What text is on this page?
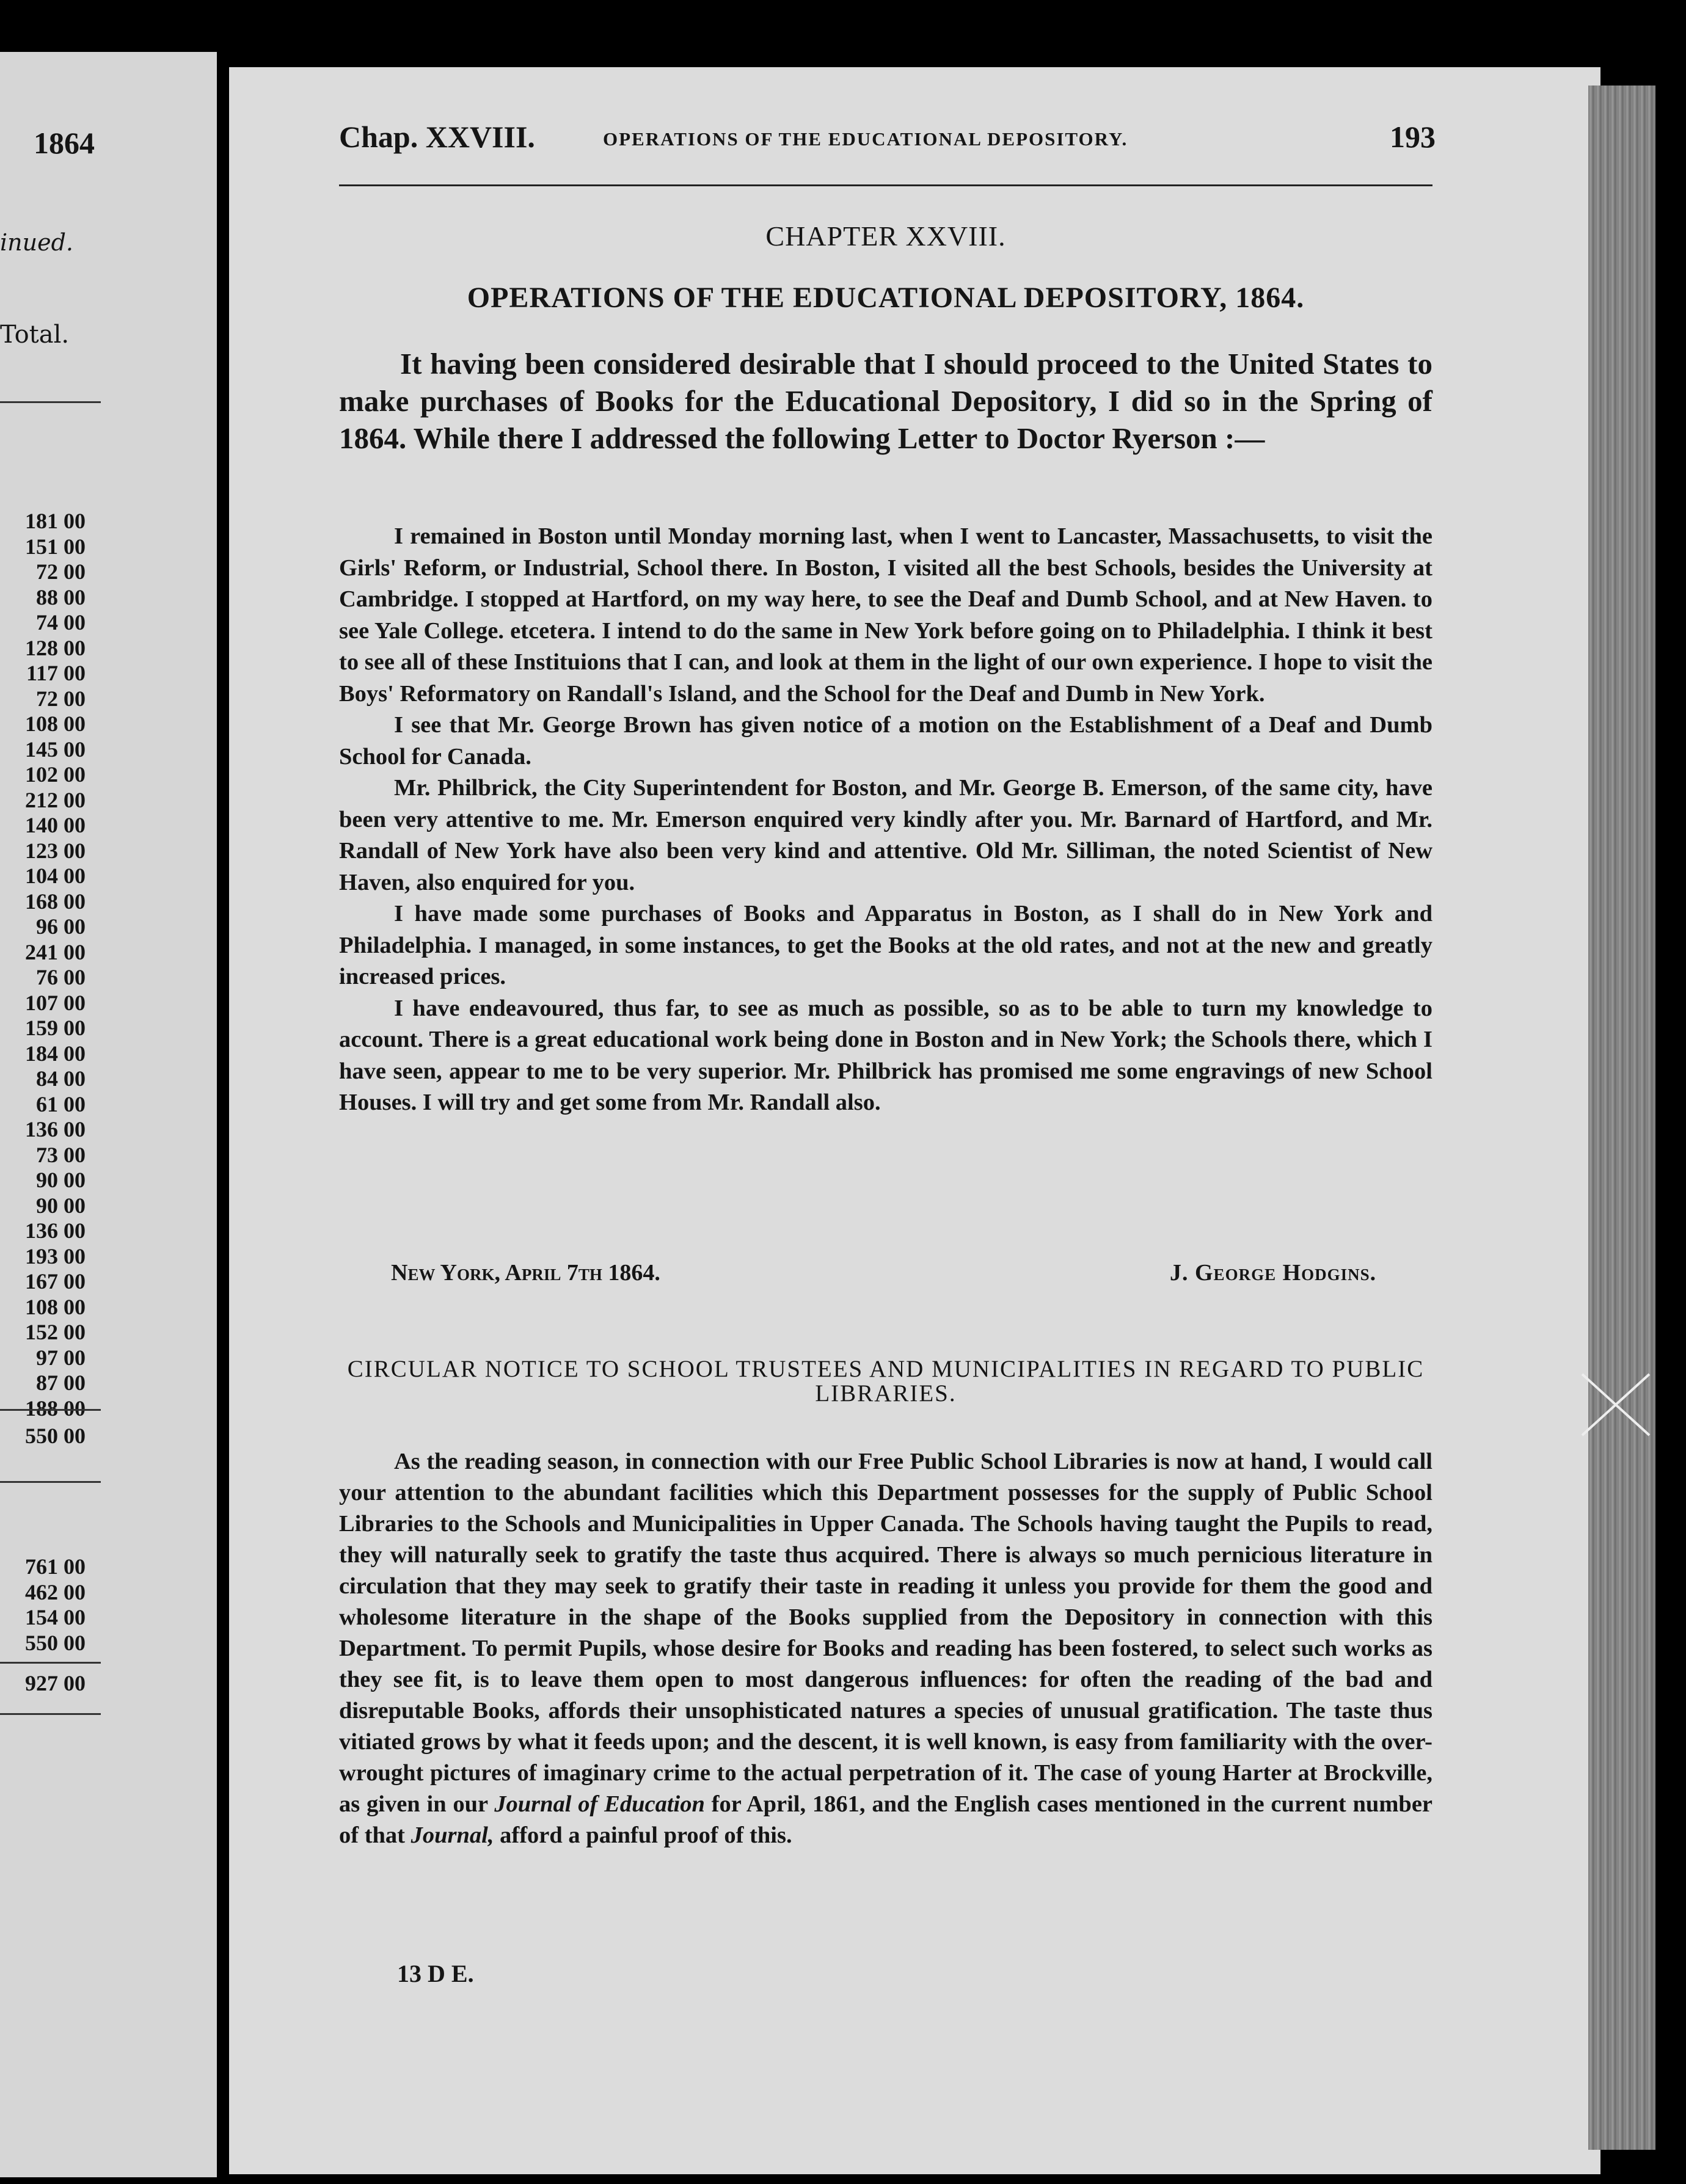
1864
inued.
Total.
181 00
151 00
72 00
88 00
74 00
128 00
117 00
72 00
108 00
145 00
102 00
212 00
140 00
123 00
104 00
168 00
96 00
241 00
76 00
107 00
159 00
184 00
84 00
61 00
136 00
73 00
90 00
90 00
136 00
193 00
167 00
108 00
152 00
97 00
87 00
188 00
550 00
761 00
462 00
154 00
550 00
927 00
Chap. XXVIII.	OPERATIONS OF THE EDUCATIONAL DEPOSITORY.	193
CHAPTER XXVIII.
OPERATIONS OF THE EDUCATIONAL DEPOSITORY, 1864.

It having been considered desirable that I should proceed to the United States to make purchases of Books for the Educational Depository, I did so in the Spring of 1864. While there I addressed the following Letter to Doctor Ryerson :—

I remained in Boston until Monday morning last, when I went to Lancaster, Massachusetts, to visit the Girls' Reform, or Industrial, School there. In Boston, I visited all the best Schools, besides the University at Cambridge. I stopped at Hartford, on my way here, to see the Deaf and Dumb School, and at New Haven. to see Yale College. etcetera. I intend to do the same in New York before going on to Philadelphia. I think it best to see all of these Instituions that I can, and look at them in the light of our own experience. I hope to visit the Boys' Reformatory on Randall's Island, and the School for the Deaf and Dumb in New York.

I see that Mr. George Brown has given notice of a motion on the Establishment of a Deaf and Dumb School for Canada.

Mr. Philbrick, the City Superintendent for Boston, and Mr. George B. Emerson, of the same city, have been very attentive to me. Mr. Emerson enquired very kindly after you. Mr. Barnard of Hartford, and Mr. Randall of New York have also been very kind and attentive. Old Mr. Silliman, the noted Scientist of New Haven, also enquired for you.

I have made some purchases of Books and Apparatus in Boston, as I shall do in New York and Philadelphia. I managed, in some instances, to get the Books at the old rates, and not at the new and greatly increased prices.

I have endeavoured, thus far, to see as much as possible, so as to be able to turn my knowledge to account. There is a great educational work being done in Boston and in New York; the Schools there, which I have seen, appear to me to be very superior. Mr. Philbrick has promised me some engravings of new School Houses. I will try and get some from Mr. Randall also.

New York, April 7th 1864.	J. George Hodgins.
CIRCULAR NOTICE TO SCHOOL TRUSTEES AND MUNICIPALITIES IN REGARD TO PUBLIC LIBRARIES.

As the reading season, in connection with our Free Public School Libraries is now at hand, I would call your attention to the abundant facilities which this Department possesses for the supply of Public School Libraries to the Schools and Municipalities in Upper Canada. The Schools having taught the Pupils to read, they will naturally seek to gratify the taste thus acquired. There is always so much pernicious literature in circulation that they may seek to gratify their taste in reading it unless you provide for them the good and wholesome literature in the shape of the Books supplied from the Depository in connection with this Department. To permit Pupils, whose desire for Books and reading has been fostered, to select such works as they see fit, is to leave them open to most dangerous influences: for often the reading of the bad and disreputable Books, affords their unsophisticated natures a species of unusual gratification. The taste thus vitiated grows by what it feeds upon; and the descent, it is well known, is easy from familiarity with the over-wrought pictures of imaginary crime to the actual perpetration of it. The case of young Harter at Brockville, as given in our Journal of Education for April, 1861, and the English cases mentioned in the current number of that Journal, afford a painful proof of this.

13 D E.
